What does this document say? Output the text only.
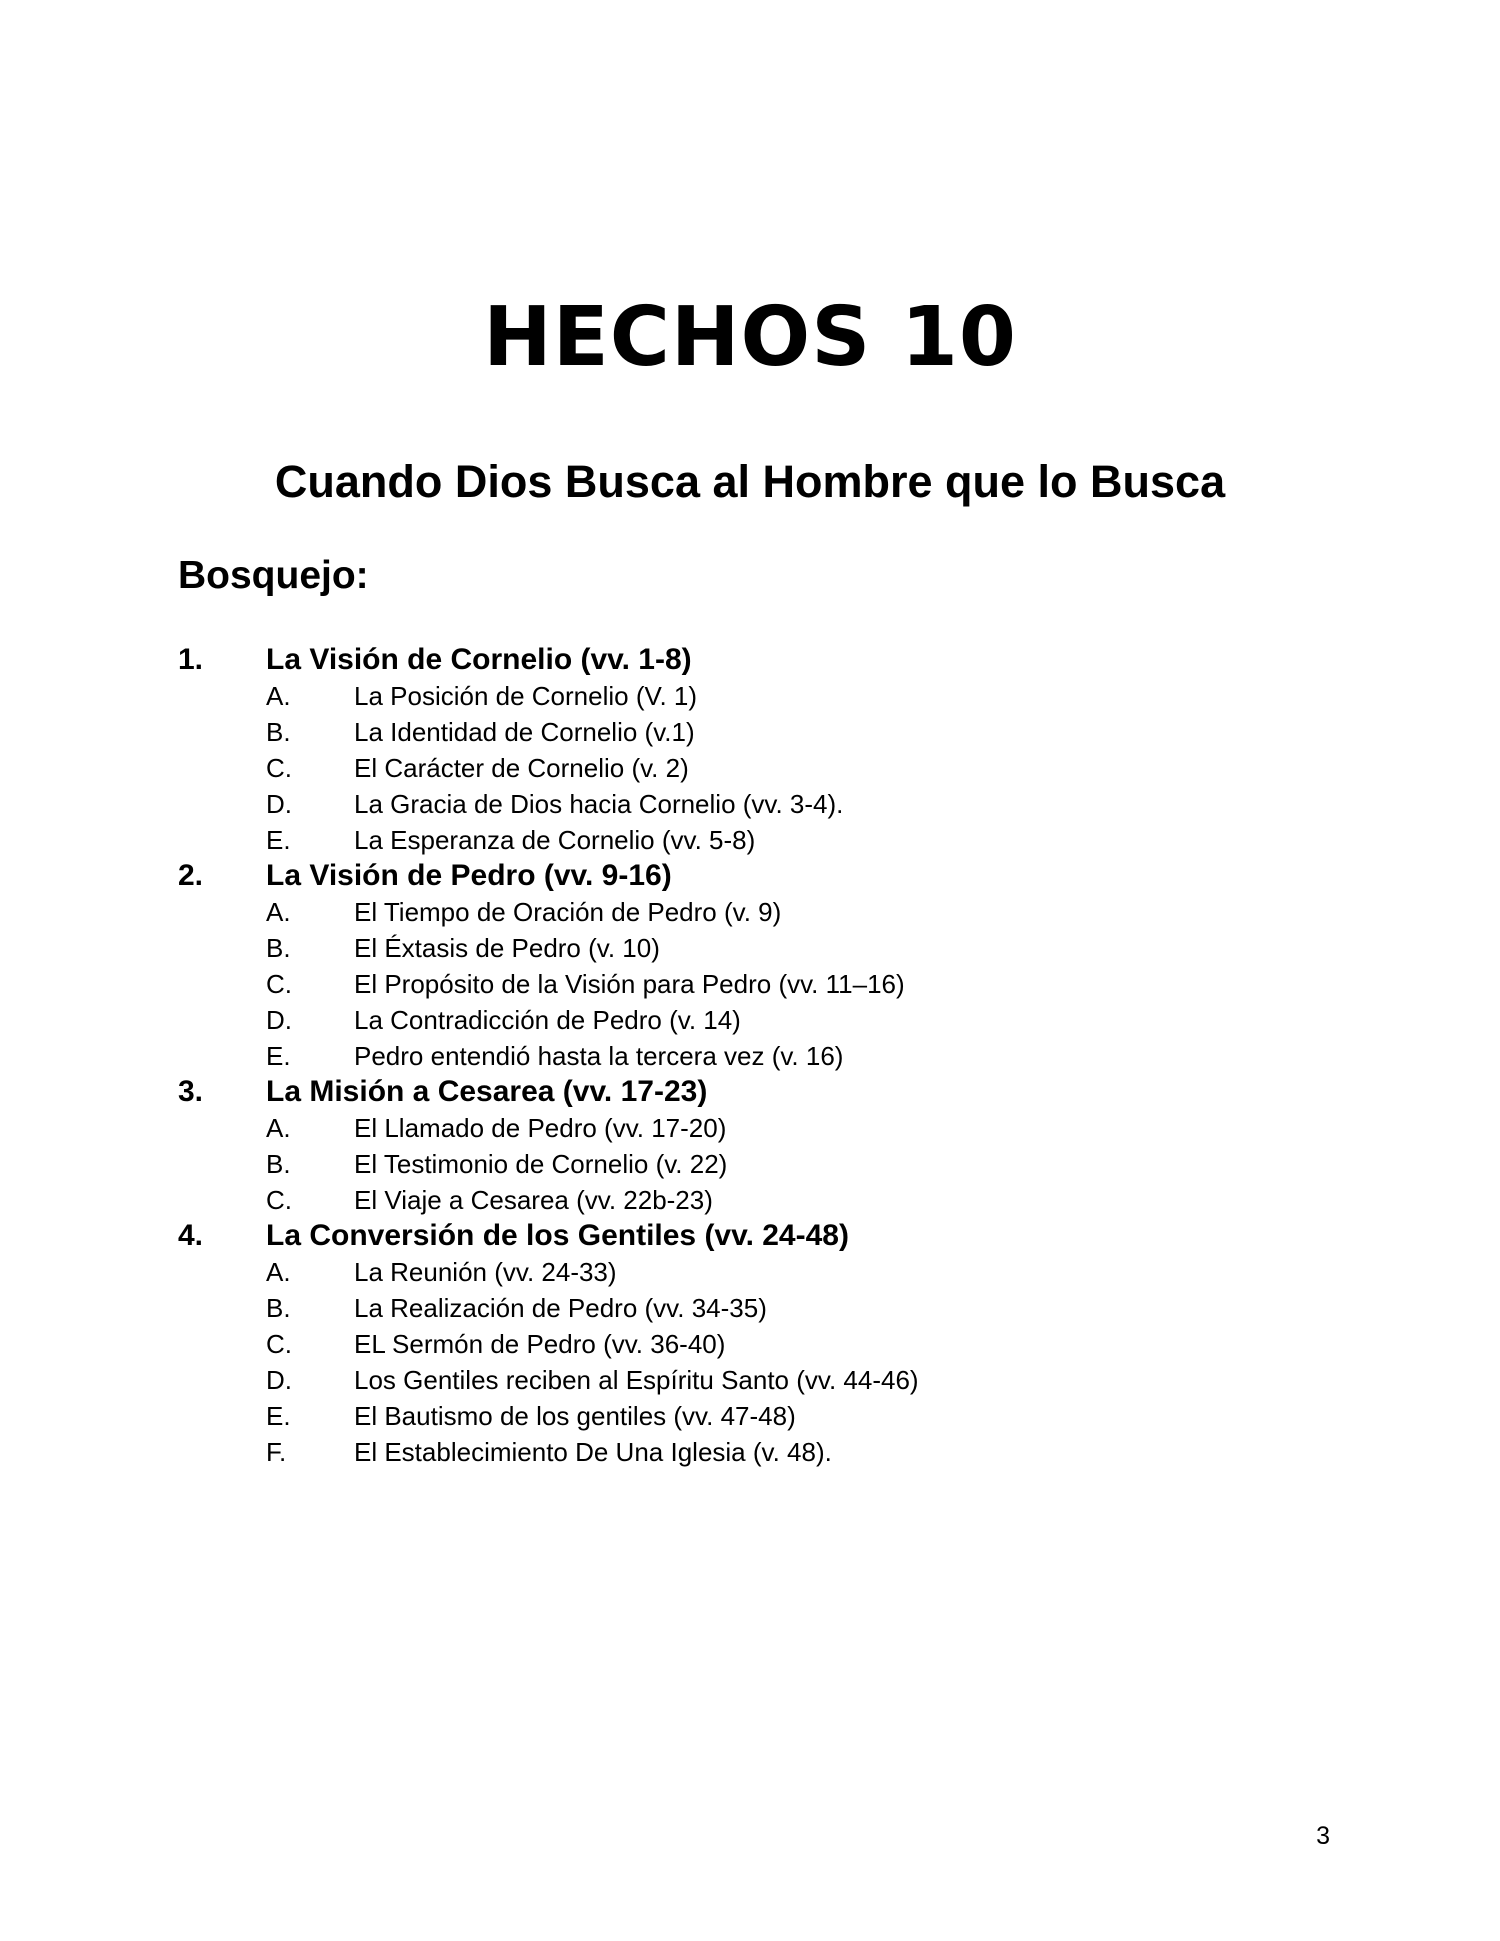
HECHOS 10
Cuando Dios Busca al Hombre que lo Busca
Bosquejo:
1. La Visión de Cornelio (vv. 1-8)
A. La Posición de Cornelio (V. 1)
B. La Identidad de Cornelio (v.1)
C. El Carácter de Cornelio (v. 2)
D. La Gracia de Dios hacia Cornelio (vv. 3-4).
E. La Esperanza de Cornelio (vv. 5-8)
2. La Visión de Pedro (vv. 9-16)
A. El Tiempo de Oración de Pedro (v. 9)
B. El Éxtasis de Pedro (v. 10)
C. El Propósito de la Visión para Pedro (vv. 11–16)
D. La Contradicción de Pedro (v. 14)
E. Pedro entendió hasta la tercera vez (v. 16)
3. La Misión a Cesarea (vv. 17-23)
A. El Llamado de Pedro (vv. 17-20)
B. El Testimonio de Cornelio (v. 22)
C. El Viaje a Cesarea (vv. 22b-23)
4. La Conversión de los Gentiles (vv. 24-48)
A. La Reunión (vv. 24-33)
B. La Realización de Pedro (vv. 34-35)
C. EL Sermón de Pedro (vv. 36-40)
D. Los Gentiles reciben al Espíritu Santo (vv. 44-46)
E. El Bautismo de los gentiles (vv. 47-48)
F.	El Establecimiento De Una Iglesia (v. 48).
3
